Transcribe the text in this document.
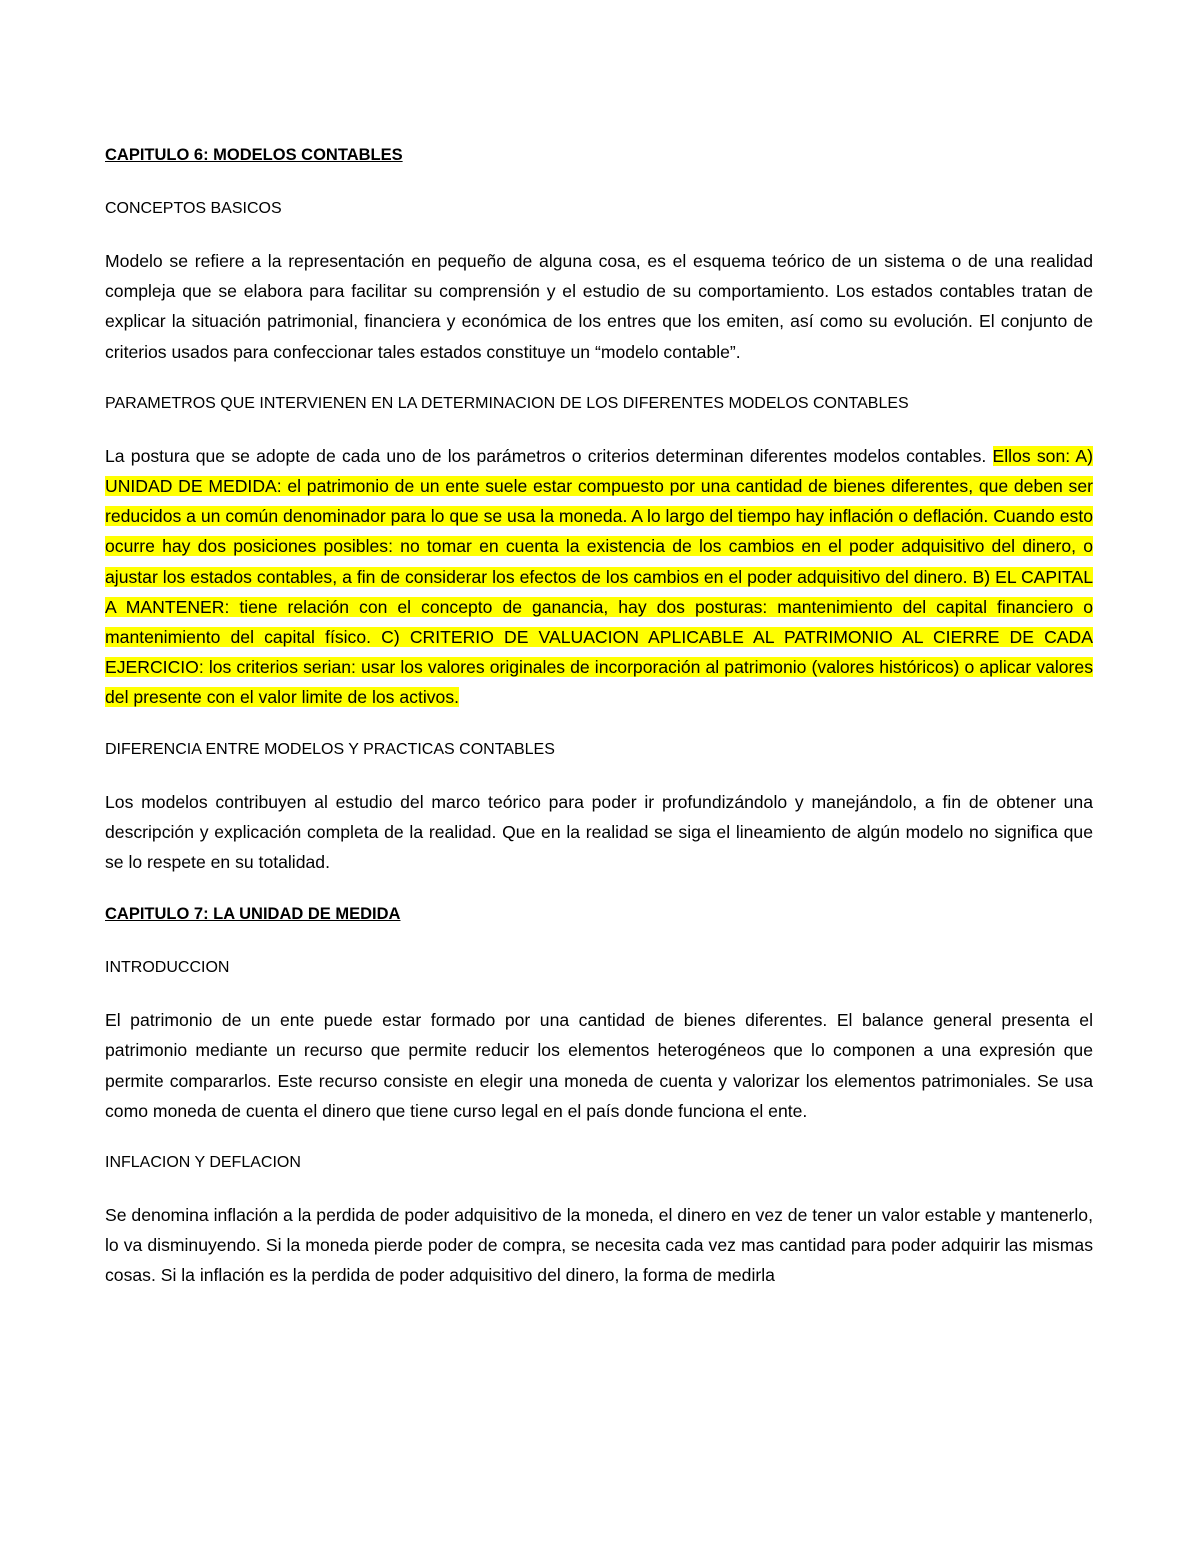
CAPITULO 6: MODELOS CONTABLES
CONCEPTOS BASICOS

Modelo se refiere a la representación en pequeño de alguna cosa, es el esquema teórico de un sistema o de una realidad compleja que se elabora para facilitar su comprensión y el estudio de su comportamiento. Los estados contables tratan de explicar la situación patrimonial, financiera y económica de los entres que los emiten, así como su evolución. El conjunto de criterios usados para confeccionar tales estados constituye un “modelo contable”.

PARAMETROS QUE INTERVIENEN EN LA DETERMINACION DE LOS DIFERENTES MODELOS CONTABLES

La postura que se adopte de cada uno de los parámetros o criterios determinan diferentes modelos contables. Ellos son: A) UNIDAD DE MEDIDA: el patrimonio de un ente suele estar compuesto por una cantidad de bienes diferentes, que deben ser reducidos a un común denominador para lo que se usa la moneda. A lo largo del tiempo hay inflación o deflación. Cuando esto ocurre hay dos posiciones posibles: no tomar en cuenta la existencia de los cambios en el poder adquisitivo del dinero, o ajustar los estados contables, a fin de considerar los efectos de los cambios en el poder adquisitivo del dinero. B) EL CAPITAL A MANTENER: tiene relación con el concepto de ganancia, hay dos posturas: mantenimiento del capital financiero o mantenimiento del capital físico. C) CRITERIO DE VALUACION APLICABLE AL PATRIMONIO AL CIERRE DE CADA EJERCICIO: los criterios serian: usar los valores originales de incorporación al patrimonio (valores históricos) o aplicar valores del presente con el valor limite de los activos.

DIFERENCIA ENTRE MODELOS Y PRACTICAS CONTABLES

Los modelos contribuyen al estudio del marco teórico para poder ir profundizándolo y manejándolo, a fin de obtener una descripción y explicación completa de la realidad. Que en la realidad se siga el lineamiento de algún modelo no significa que se lo respete en su totalidad.

CAPITULO 7: LA UNIDAD DE MEDIDA
INTRODUCCION

El patrimonio de un ente puede estar formado por una cantidad de bienes diferentes. El balance general presenta el patrimonio mediante un recurso que permite reducir los elementos heterogéneos que lo componen a una expresión que permite compararlos. Este recurso consiste en elegir una moneda de cuenta y valorizar los elementos patrimoniales. Se usa como moneda de cuenta el dinero que tiene curso legal en el país donde funciona el ente.

INFLACION Y DEFLACION

Se denomina inflación a la perdida de poder adquisitivo de la moneda, el dinero en vez de tener un valor estable y mantenerlo, lo va disminuyendo. Si la moneda pierde poder de compra, se necesita cada vez mas cantidad para poder adquirir las mismas cosas. Si la inflación es la perdida de poder adquisitivo del dinero, la forma de medirla
